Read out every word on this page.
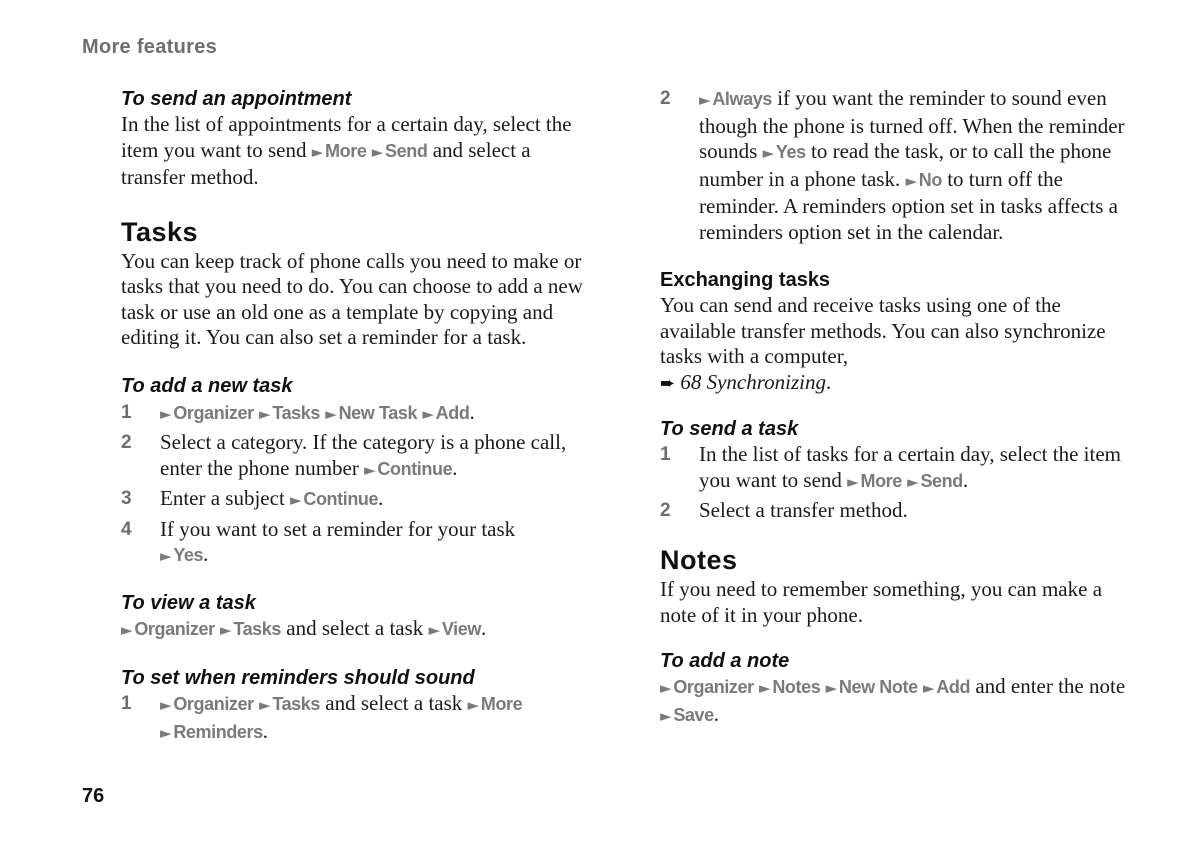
More features
To send an appointment

In the list of appointments for a certain day, select the item you want to send ► More ► Send and select a transfer method.

Tasks

You can keep track of phone calls you need to make or tasks that you need to do. You can choose to add a new task or use an old one as a template by copying and editing it. You can also set a reminder for a task.

To add a new task
1 ► Organizer ► Tasks ► New Task ► Add.
2 Select a category. If the category is a phone call, enter the phone number ► Continue.
3 Enter a subject ► Continue.
4 If you want to set a reminder for your task
► Yes.
To view a task

► Organizer ► Tasks and select a task ► View.

To set when reminders should sound
1 ► Organizer ► Tasks and select a task ► More
► Reminders.
2 ► Always if you want the reminder to sound even though the phone is turned off. When the reminder sounds ► Yes to read the task, or to call the phone number in a phone task. ► No to turn off the reminder. A reminders option set in tasks affects a reminders option set in the calendar.
Exchanging tasks

You can send and receive tasks using one of the available transfer methods. You can also synchronize tasks with a computer,
➨ 68 Synchronizing.

To send a task
1 In the list of tasks for a certain day, select the item you want to send ► More ► Send.
2 Select a transfer method.
Notes

If you need to remember something, you can make a note of it in your phone.

To add a note

► Organizer ► Notes ► New Note ► Add and enter the note ► Save.

76
